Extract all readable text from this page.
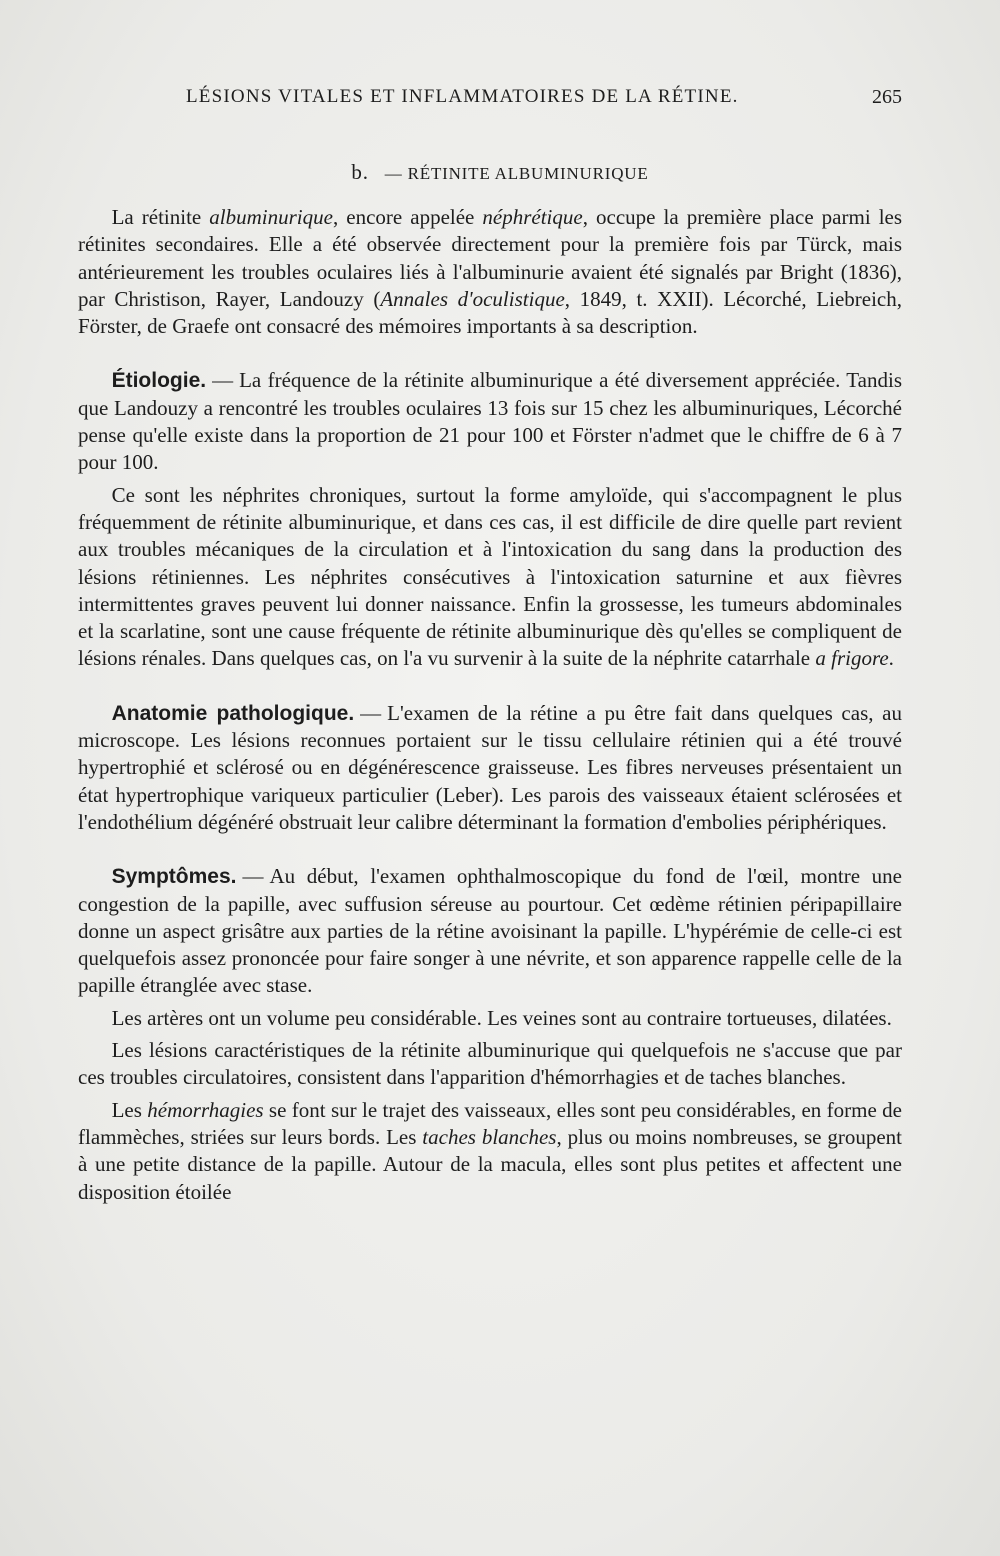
LÉSIONS VITALES ET INFLAMMATOIRES DE LA RÉTINE.	265
b. — RÉTINITE ALBUMINURIQUE

La rétinite albuminurique, encore appelée néphrétique, occupe la première place parmi les rétinites secondaires. Elle a été observée directement pour la première fois par Türck, mais antérieurement les troubles oculaires liés à l'albuminurie avaient été signalés par Bright (1836), par Christison, Rayer, Landouzy (Annales d'oculistique, 1849, t. XXII). Lécorché, Liebreich, Förster, de Graefe ont consacré des mémoires importants à sa description.

Étiologie. — La fréquence de la rétinite albuminurique a été diversement appréciée. Tandis que Landouzy a rencontré les troubles oculaires 13 fois sur 15 chez les albuminuriques, Lécorché pense qu'elle existe dans la proportion de 21 pour 100 et Förster n'admet que le chiffre de 6 à 7 pour 100.

Ce sont les néphrites chroniques, surtout la forme amyloïde, qui s'accompagnent le plus fréquemment de rétinite albuminurique, et dans ces cas, il est difficile de dire quelle part revient aux troubles mécaniques de la circulation et à l'intoxication du sang dans la production des lésions rétiniennes. Les néphrites consécutives à l'intoxication saturnine et aux fièvres intermittentes graves peuvent lui donner naissance. Enfin la grossesse, les tumeurs abdominales et la scarlatine, sont une cause fréquente de rétinite albuminurique dès qu'elles se compliquent de lésions rénales. Dans quelques cas, on l'a vu survenir à la suite de la néphrite catarrhale a frigore.

Anatomie pathologique. — L'examen de la rétine a pu être fait dans quelques cas, au microscope. Les lésions reconnues portaient sur le tissu cellulaire rétinien qui a été trouvé hypertrophié et sclérosé ou en dégénérescence graisseuse. Les fibres nerveuses présentaient un état hypertrophique variqueux particulier (Leber). Les parois des vaisseaux étaient sclérosées et l'endothélium dégénéré obstruait leur calibre déterminant la formation d'embolies périphériques.

Symptômes. — Au début, l'examen ophthalmoscopique du fond de l'œil, montre une congestion de la papille, avec suffusion séreuse au pourtour. Cet œdème rétinien péripapillaire donne un aspect grisâtre aux parties de la rétine avoisinant la papille. L'hypérémie de celle-ci est quelquefois assez prononcée pour faire songer à une névrite, et son apparence rappelle celle de la papille étranglée avec stase.

Les artères ont un volume peu considérable. Les veines sont au contraire tortueuses, dilatées.

Les lésions caractéristiques de la rétinite albuminurique qui quelquefois ne s'accuse que par ces troubles circulatoires, consistent dans l'apparition d'hémorrhagies et de taches blanches.

Les hémorrhagies se font sur le trajet des vaisseaux, elles sont peu considérables, en forme de flammèches, striées sur leurs bords. Les taches blanches, plus ou moins nombreuses, se groupent à une petite distance de la papille. Autour de la macula, elles sont plus petites et affectent une disposition étoilée
